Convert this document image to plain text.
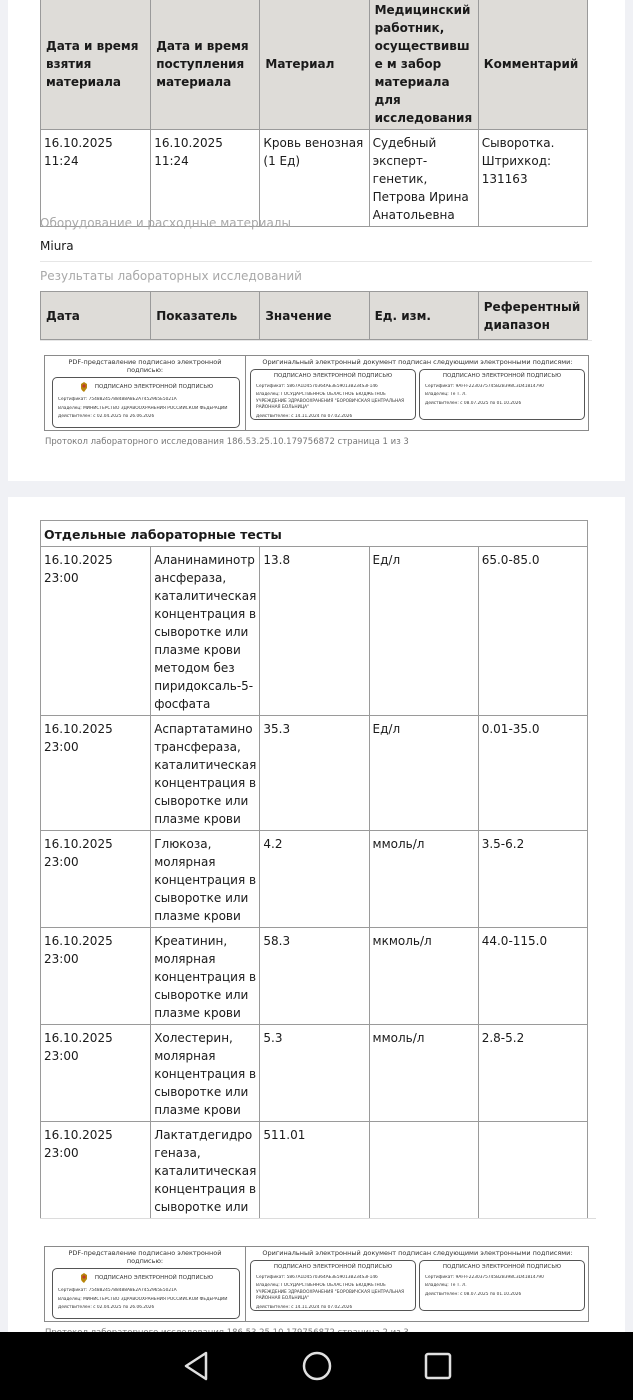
Дата и время взятия материала	Дата и время поступления материала	Материал	Медицинский работник, осуществивше м забор материала для исследования	Комментарий
16.10.2025 11:24	16.10.2025 11:24	Кровь венозная (1 Ед)	Судебный эксперт-генетик, Петрова Ирина Анатольевна	Сыворотка. Штрихкод: 131163
Оборудование и расходные материалы
Miura
Результаты лабораторных исследований
Дата	Показатель	Значение	Ед. изм.	Референтный диапазон
PDF-представление подписано электронной подписью:
ПОДПИСАНО ЭЛЕКТРОННОЙ ПОДПИСЬЮ
Сертификат: 75488245788488A8E2A7452965E5021A
Владелец: МИНИСТЕРСТВО ЗДРАВООХРАНЕНИЯ РОССИЙСКОЙ ФЕДЕРАЦИИ
Действителен: с 02.04.2025 по 26.06.2026
Оригинальный электронный документ подписан следующими электронными подписями:
ПОДПИСАНО ЭЛЕКТРОННОЙ ПОДПИСЬЮ
Сертификат: 5867A1D4570364AE3E59013B234S3F146
Владелец: ГОСУДАРСТВЕННОЕ ОБЛАСТНОЕ БЮДЖЕТНОЕ УЧРЕЖДЕНИЕ ЗДРАВООХРАНЕНИЯ "БОРОВИЧСКАЯ ЦЕНТРАЛЬНАЯ РАЙОННАЯ БОЛЬНИЦА"
Действителен: с 14.11.2024 по 07.02.2026
ПОДПИСАНО ЭЛЕКТРОННОЙ ПОДПИСЬЮ
Сертификат: 9AFFF2230375745B2B398C3D41814790
Владелец: Те Т. Л.
Действителен: с 08.07.2025 по 01.10.2026
Протокол лабораторного исследования 186.53.25.10.179756872 страница 1 из 3
Отдельные лабораторные тесты				
16.10.2025 23:00	Аланинаминотрансфераза, каталитическая концентрация в сыворотке или плазме крови методом без пиридоксаль-5-фосфата	13.8	Ед/л	65.0-85.0
16.10.2025 23:00	Аспартатаминотрансфераза, каталитическая концентрация в сыворотке или плазме крови	35.3	Ед/л	0.01-35.0
16.10.2025 23:00	Глюкоза, молярная концентрация в сыворотке или плазме крови	4.2	ммоль/л	3.5-6.2
16.10.2025 23:00	Креатинин, молярная концентрация в сыворотке или плазме крови	58.3	мкмоль/л	44.0-115.0
16.10.2025 23:00	Холестерин, молярная концентрация в сыворотке или плазме крови	5.3	ммоль/л	2.8-5.2
16.10.2025 23:00	Лактатдегидрогеназа, каталитическая концентрация в сыворотке или	511.01		
PDF-представление подписано электронной подписью:
ПОДПИСАНО ЭЛЕКТРОННОЙ ПОДПИСЬЮ
Сертификат: 75488245788488A8E2A7452965E5021A
Владелец: МИНИСТЕРСТВО ЗДРАВООХРАНЕНИЯ РОССИЙСКОЙ ФЕДЕРАЦИИ
Действителен: с 02.04.2025 по 26.06.2026
Оригинальный электронный документ подписан следующими электронными подписями:
ПОДПИСАНО ЭЛЕКТРОННОЙ ПОДПИСЬЮ
Сертификат: 5867A1D4570364AE3E59013B234S3F146
Владелец: ГОСУДАРСТВЕННОЕ ОБЛАСТНОЕ БЮДЖЕТНОЕ УЧРЕЖДЕНИЕ ЗДРАВООХРАНЕНИЯ "БОРОВИЧСКАЯ ЦЕНТРАЛЬНАЯ РАЙОННАЯ БОЛЬНИЦА"
Действителен: с 14.11.2024 по 07.02.2026
ПОДПИСАНО ЭЛЕКТРОННОЙ ПОДПИСЬЮ
Сертификат: 9AFFF2230375745B2B398C3D41814790
Владелец: Те Т. Л.
Действителен: с 08.07.2025 по 01.10.2026
